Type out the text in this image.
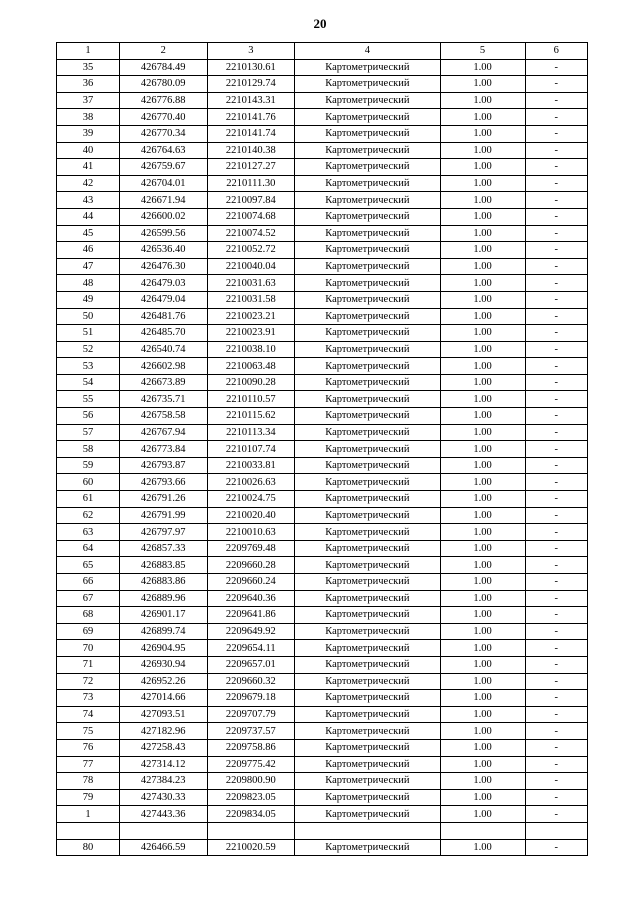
20
1	2	3	4	5	6
35	426784.49	2210130.61	Картометрический	1.00	-
36	426780.09	2210129.74	Картометрический	1.00	-
37	426776.88	2210143.31	Картометрический	1.00	-
38	426770.40	2210141.76	Картометрический	1.00	-
39	426770.34	2210141.74	Картометрический	1.00	-
40	426764.63	2210140.38	Картометрический	1.00	-
41	426759.67	2210127.27	Картометрический	1.00	-
42	426704.01	2210111.30	Картометрический	1.00	-
43	426671.94	2210097.84	Картометрический	1.00	-
44	426600.02	2210074.68	Картометрический	1.00	-
45	426599.56	2210074.52	Картометрический	1.00	-
46	426536.40	2210052.72	Картометрический	1.00	-
47	426476.30	2210040.04	Картометрический	1.00	-
48	426479.03	2210031.63	Картометрический	1.00	-
49	426479.04	2210031.58	Картометрический	1.00	-
50	426481.76	2210023.21	Картометрический	1.00	-
51	426485.70	2210023.91	Картометрический	1.00	-
52	426540.74	2210038.10	Картометрический	1.00	-
53	426602.98	2210063.48	Картометрический	1.00	-
54	426673.89	2210090.28	Картометрический	1.00	-
55	426735.71	2210110.57	Картометрический	1.00	-
56	426758.58	2210115.62	Картометрический	1.00	-
57	426767.94	2210113.34	Картометрический	1.00	-
58	426773.84	2210107.74	Картометрический	1.00	-
59	426793.87	2210033.81	Картометрический	1.00	-
60	426793.66	2210026.63	Картометрический	1.00	-
61	426791.26	2210024.75	Картометрический	1.00	-
62	426791.99	2210020.40	Картометрический	1.00	-
63	426797.97	2210010.63	Картометрический	1.00	-
64	426857.33	2209769.48	Картометрический	1.00	-
65	426883.85	2209660.28	Картометрический	1.00	-
66	426883.86	2209660.24	Картометрический	1.00	-
67	426889.96	2209640.36	Картометрический	1.00	-
68	426901.17	2209641.86	Картометрический	1.00	-
69	426899.74	2209649.92	Картометрический	1.00	-
70	426904.95	2209654.11	Картометрический	1.00	-
71	426930.94	2209657.01	Картометрический	1.00	-
72	426952.26	2209660.32	Картометрический	1.00	-
73	427014.66	2209679.18	Картометрический	1.00	-
74	427093.51	2209707.79	Картометрический	1.00	-
75	427182.96	2209737.57	Картометрический	1.00	-
76	427258.43	2209758.86	Картометрический	1.00	-
77	427314.12	2209775.42	Картометрический	1.00	-
78	427384.23	2209800.90	Картометрический	1.00	-
79	427430.33	2209823.05	Картометрический	1.00	-
1	427443.36	2209834.05	Картометрический	1.00	-

80	426466.59	2210020.59	Картометрический	1.00	-
